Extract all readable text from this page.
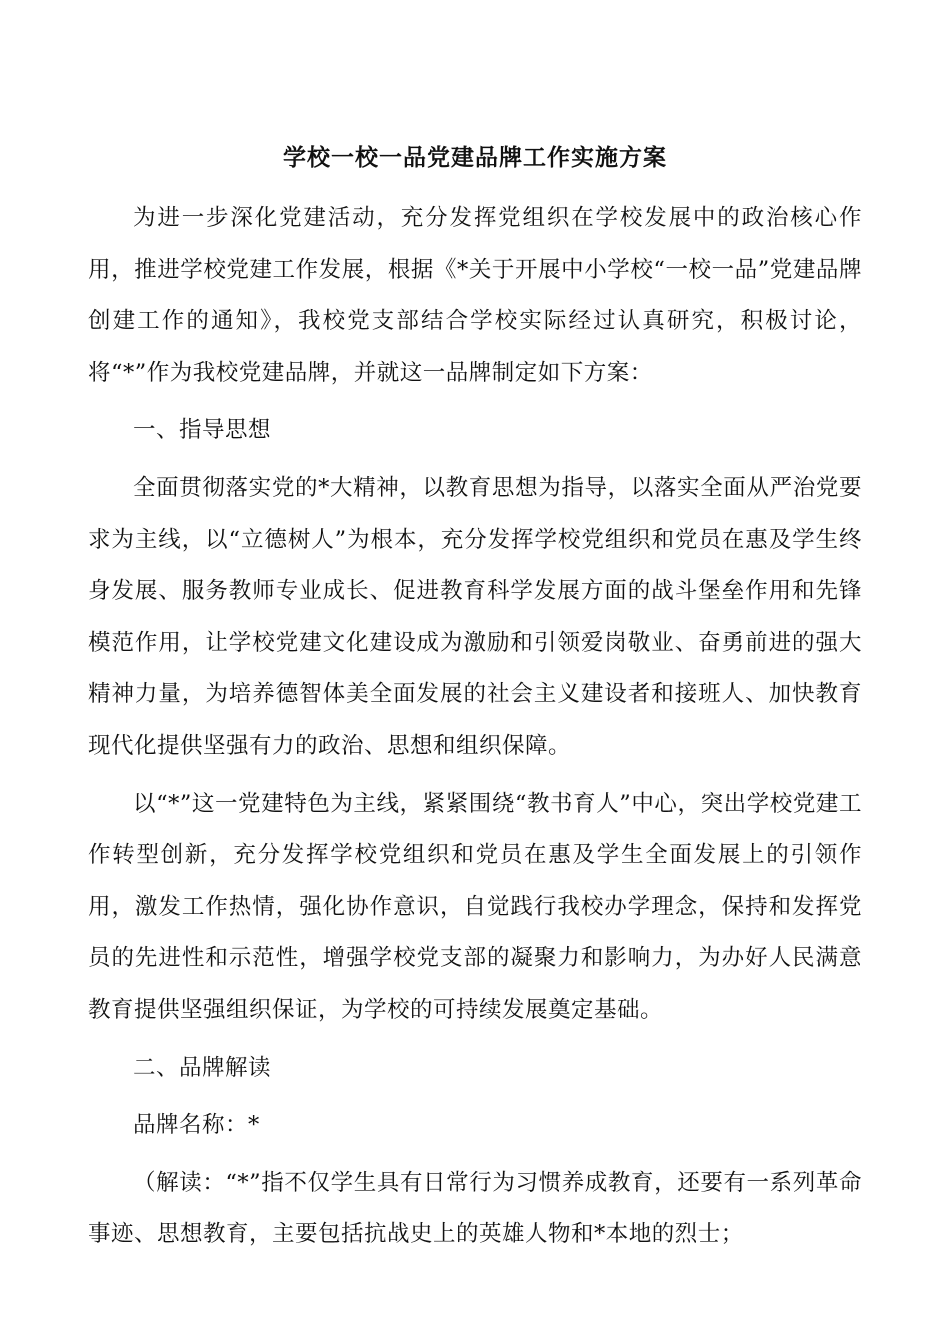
学校一校一品党建品牌工作实施方案

为进一步深化党建活动，充分发挥党组织在学校发展中的政治核心作用，推进学校党建工作发展，根据《*关于开展中小学校“一校一品”党建品牌创建工作的通知》，我校党支部结合学校实际经过认真研究，积极讨论，将“*”作为我校党建品牌，并就这一品牌制定如下方案：

一、指导思想

全面贯彻落实党的*大精神，以教育思想为指导，以落实全面从严治党要求为主线，以“立德树人”为根本，充分发挥学校党组织和党员在惠及学生终身发展、服务教师专业成长、促进教育科学发展方面的战斗堡垒作用和先锋模范作用，让学校党建文化建设成为激励和引领爱岗敬业、奋勇前进的强大精神力量，为培养德智体美全面发展的社会主义建设者和接班人、加快教育现代化提供坚强有力的政治、思想和组织保障。

以“*”这一党建特色为主线，紧紧围绕“教书育人”中心，突出学校党建工作转型创新，充分发挥学校党组织和党员在惠及学生全面发展上的引领作用，激发工作热情，强化协作意识，自觉践行我校办学理念，保持和发挥党员的先进性和示范性，增强学校党支部的凝聚力和影响力，为办好人民满意教育提供坚强组织保证，为学校的可持续发展奠定基础。

二、品牌解读

品牌名称：*

（解读：“*”指不仅学生具有日常行为习惯养成教育，还要有一系列革命事迹、思想教育，主要包括抗战史上的英雄人物和*本地的烈士；
